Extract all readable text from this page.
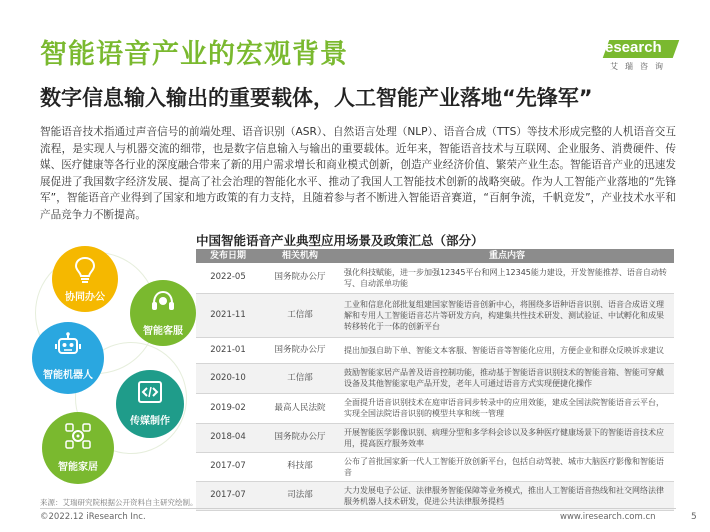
智能语音产业的宏观背景
数字信息输入输出的重要载体，人工智能产业落地“先锋军”
iResearch
艾瑞咨询
智能语音技术指通过声音信号的前端处理、语音识别（ASR）、自然语言处理（NLP）、语音合成（TTS）等技术形成完整的人机语音交互流程，是实现人与机器交流的细带，也是数字信息输入与输出的重要载体。近年来，智能语音技术与互联网、企业服务、消费硬件、传媒、医疗健康等各行业的深度融合带来了新的用户需求增长和商业模式创新，创造产业经济价值、繁荣产业生态。智能语音产业的迅速发展促进了我国数字经济发展、提高了社会治理的智能化水平、推动了我国人工智能技术创新的战略突破。作为人工智能产业落地的“先锋军”，智能语音产业得到了国家和地方政策的有力支持，且随着参与者不断进入智能语音赛道，“百舸争流，千帆竞发”，产业技术水平和产品竞争力不断提高。
协同办公
智能客服
智能机器人
传媒制作
智能家居
中国智能语音产业典型应用场景及政策汇总（部分）
发布日期	相关机构	重点内容
2022-05	国务院办公厅	强化科技赋能，进一步加强12345平台和网上12345能力建设，开发智能推荐、语音自动转写、自动派单功能
2021-11	工信部	工业和信息化部批复组建国家智能语音创新中心，将围绕多语种语音识别、语音合成语义理解和专用人工智能语音芯片等研发方向，构建集共性技术研发、测试验证、中试孵化和成果转移转化于一体的创新平台
2021-01	国务院办公厅	提出加强自助下单、智能文本客服、智能语音等智能化应用，方便企业和群众反映诉求建议
2020-10	工信部	鼓励智能家居产品普及语音控制功能，推动基于智能语音识别技术的智能音箱、智能可穿戴设备及其他智能家电产品开发，老年人可通过语音方式实现便捷化操作
2019-02	最高人民法院	全面提升语音识别技术在庭审语音同步转录中的应用效能，建成全国法院智能语音云平台，实现全国法院语音识别的模型共享和统一管理
2018-04	国务院办公厅	开展智能医学影像识别、病理分型和多学科会诊以及多种医疗健康场景下的智能语音技术应用，提高医疗服务效率
2017-07	科技部	公布了首批国家新一代人工智能开放创新平台，包括自动驾驶、城市大脑医疗影像和智能语音
2017-07	司法部	大力发展电子公证、法律服务智能保障等业务模式，推出人工智能语音热线和社交网络法律服务机器人技术研发，促进公共法律服务提档
来源：艾瑞研究院根据公开资料自主研究绘制。
©2022.12 iResearch Inc.	www.iresearch.com.cn	5
